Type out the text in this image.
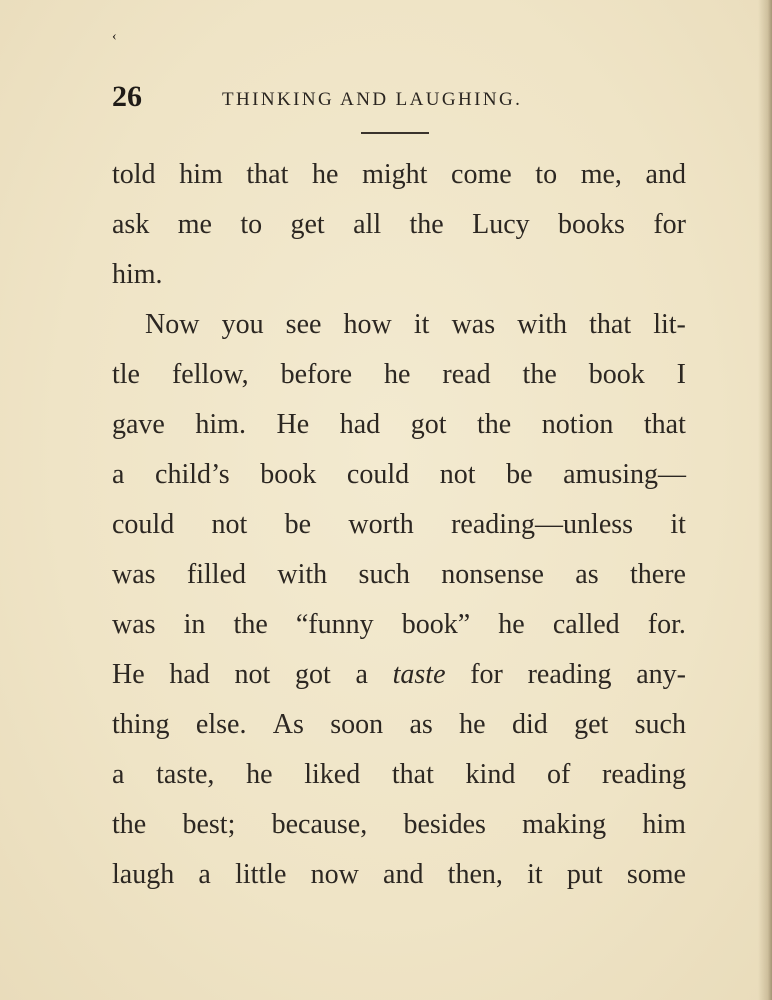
‹
26	THINKING AND LAUGHING.
told him that he might come to me, and
ask me to get all the Lucy books for
him.
Now you see how it was with that lit-
tle fellow, before he read the book I
gave him. He had got the notion that
a child’s book could not be amusing—
could not be worth reading—unless it
was filled with such nonsense as there
was in the “funny book” he called for.
He had not got a taste for reading any-
thing else. As soon as he did get such
a taste, he liked that kind of reading
the best; because, besides making him
laugh a little now and then, it put some
